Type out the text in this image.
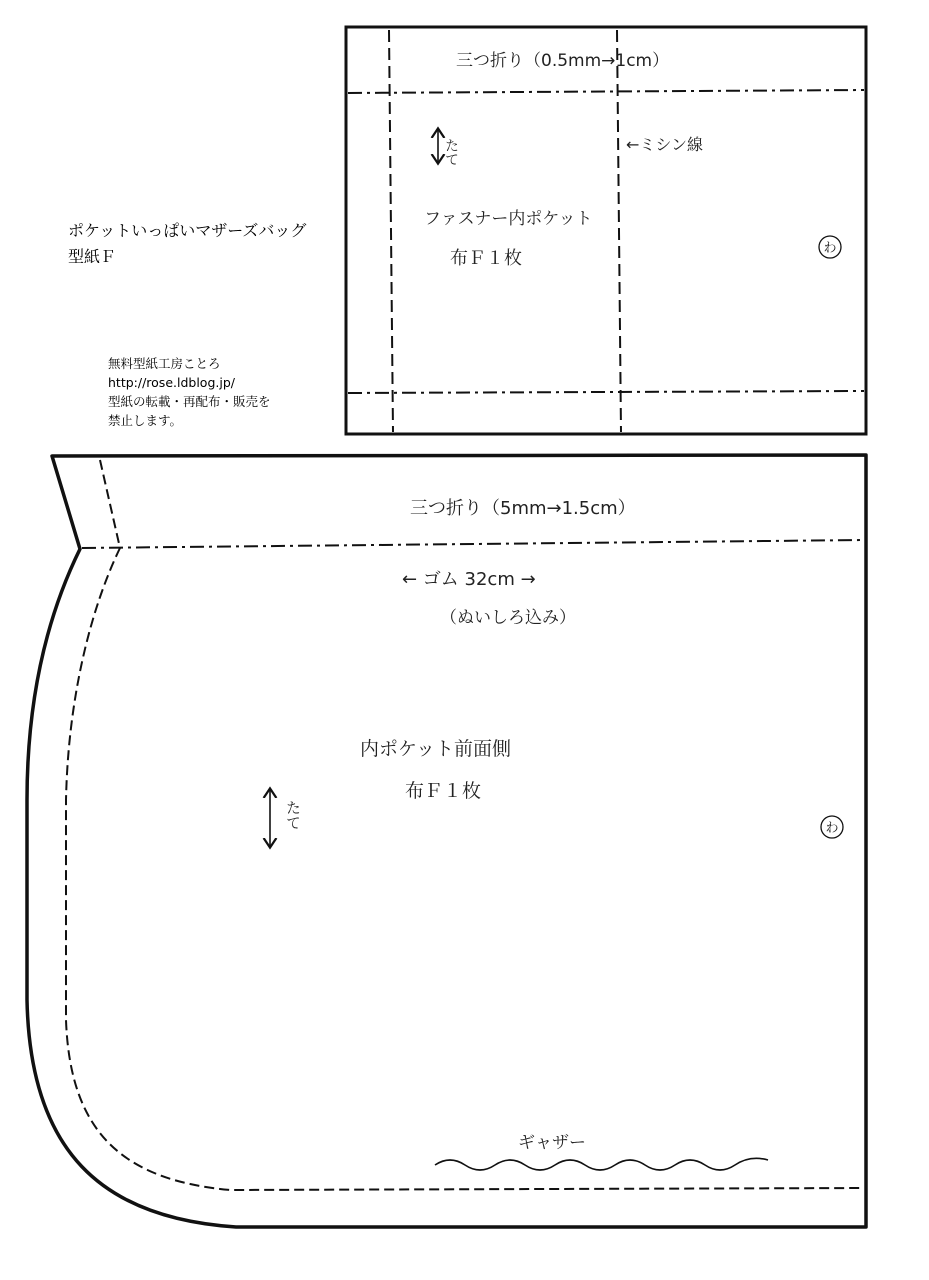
三つ折り（0.5mm→1cm）
たて	←ミシン線
ファスナー内ポケット
布Ｆ１枚	わ
三つ折り（5mm→1.5cm）
← ゴム 32cm →
（ぬいしろ込み）
内ポケット前面側
布Ｆ１枚
たて	わ
ギャザー
ポケットいっぱいマザーズバッグ
型紙Ｆ
無料型紙工房ことろ
http://rose.ldblog.jp/
型紙の転載・再配布・販売を
禁止します。
